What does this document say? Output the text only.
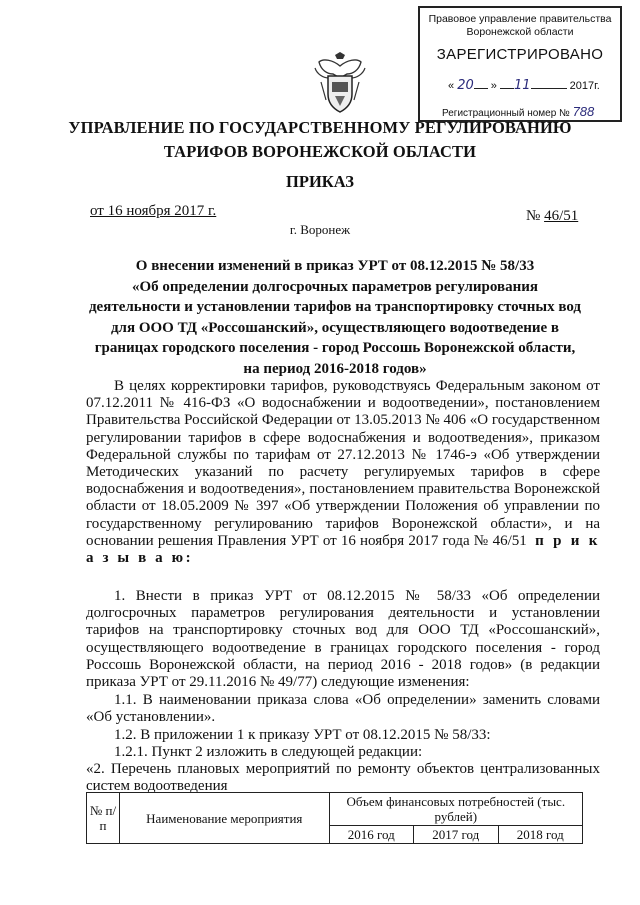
Правовое управление правительства
Воронежской области
ЗАРЕГИСТРИРОВАНО
« 20 » 11	2017г.
Регистрационный номер № 788
УПРАВЛЕНИЕ ПО ГОСУДАРСТВЕННОМУ РЕГУЛИРОВАНИЮ
ТАРИФОВ ВОРОНЕЖСКОЙ ОБЛАСТИ
ПРИКАЗ
от 16 ноября 2017 г.	№ 46/51
г. Воронеж
О внесении изменений в приказ УРТ от 08.12.2015 № 58/33
«Об определении долгосрочных параметров регулирования
деятельности и установлении тарифов на транспортировку сточных вод
для ООО ТД «Россошанский», осуществляющего водоотведение в
границах городского поселения - город Россошь Воронежской области,
на период 2016-2018 годов»
В целях корректировки тарифов, руководствуясь Федеральным законом от 07.12.2011 № 416-ФЗ «О водоснабжении и водоотведении», постановлением Правительства Российской Федерации от 13.05.2013 № 406 «О государственном регулировании тарифов в сфере водоснабжения и водоотведения», приказом Федеральной службы по тарифам от 27.12.2013 № 1746-э «Об утверждении Методических указаний по расчету регулируемых тарифов в сфере водоснабжения и водоотведения», постановлением правительства Воронежской области от 18.05.2009 № 397 «Об утверждении Положения об управлении по государственному регулированию тарифов Воронежской области», и на основании решения Правления УРТ от 16 ноября 2017 года № 46/51 п р и к а з ы в а ю:
1. Внести в приказ УРТ от 08.12.2015 № 58/33 «Об определении долгосрочных параметров регулирования деятельности и установлении тарифов на транспортировку сточных вод для ООО ТД «Россошанский», осуществляющего водоотведение в границах городского поселения - город Россошь Воронежской области, на период 2016 - 2018 годов» (в редакции приказа УРТ от 29.11.2016 № 49/77) следующие изменения:
1.1. В наименовании приказа слова «Об определении» заменить словами «Об установлении».
1.2. В приложении 1 к приказу УРТ от 08.12.2015 № 58/33:
1.2.1. Пункт 2 изложить в следующей редакции:
«2. Перечень плановых мероприятий по ремонту объектов централизованных систем водоотведения
№ п/п	Наименование мероприятия	Объем финансовых потребностей (тыс. рублей)		
		2016 год	2017 год	2018 год
